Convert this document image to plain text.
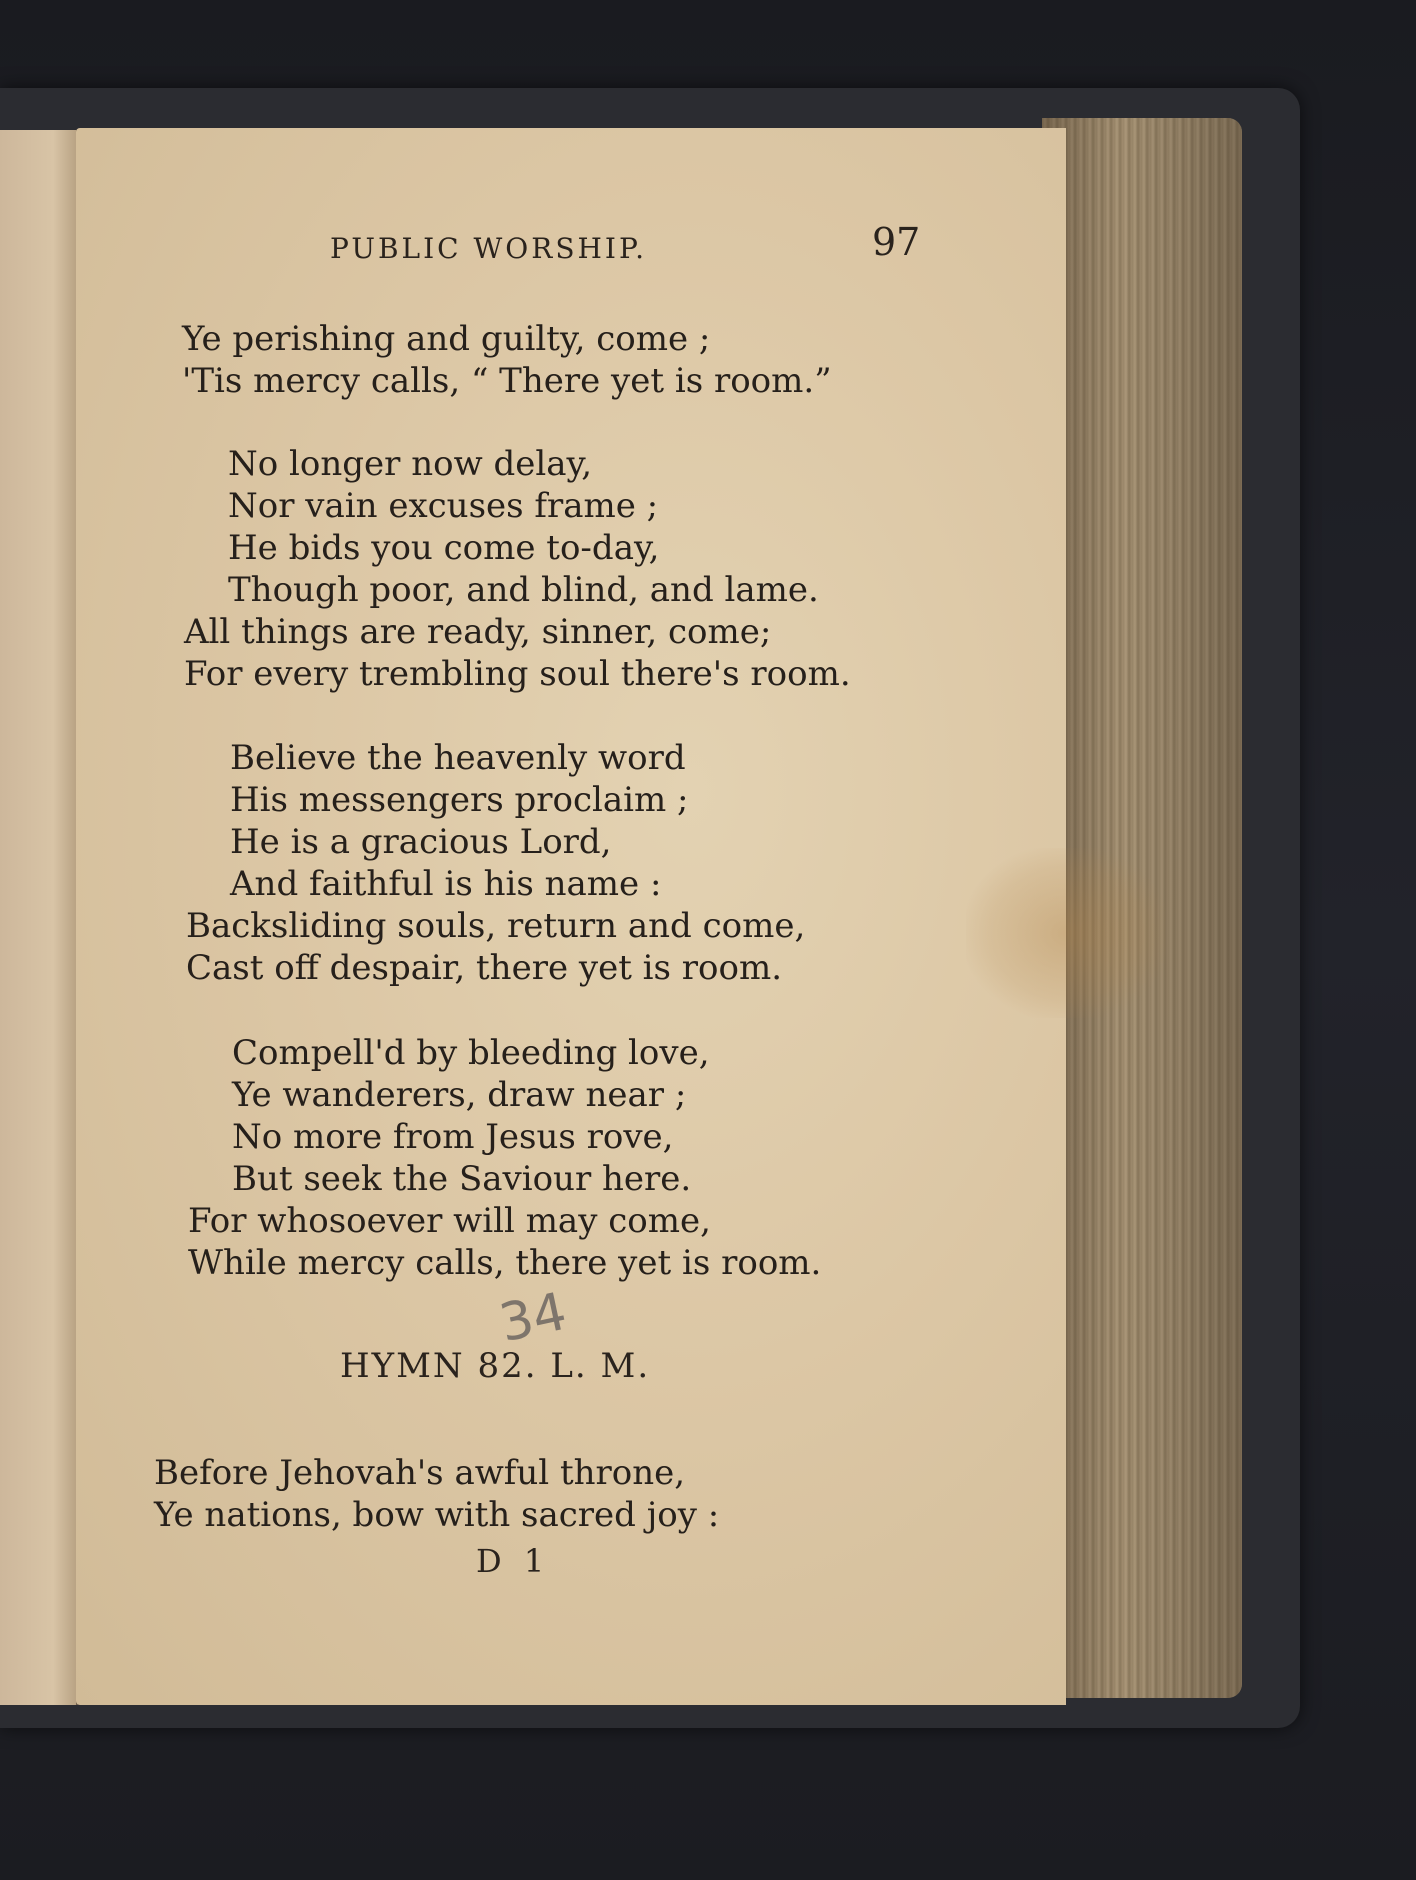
PUBLIC WORSHIP.	97
Ye perishing and guilty, come ;
'Tis mercy calls, “ There yet is room.”
No longer now delay,
Nor vain excuses frame ;
He bids you come to-day,
Though poor, and blind, and lame.
All things are ready, sinner, come;
For every trembling soul there's room.
Believe the heavenly word
His messengers proclaim ;
He is a gracious Lord,
And faithful is his name :
Backsliding souls, return and come,
Cast off despair, there yet is room.
Compell'd by bleeding love,
Ye wanderers, draw near ;
No more from Jesus rove,
But seek the Saviour here.
For whosoever will may come,
While mercy calls, there yet is room.
34
HYMN 82. L. M.
Before Jehovah's awful throne,
Ye nations, bow with sacred joy :
D 1
